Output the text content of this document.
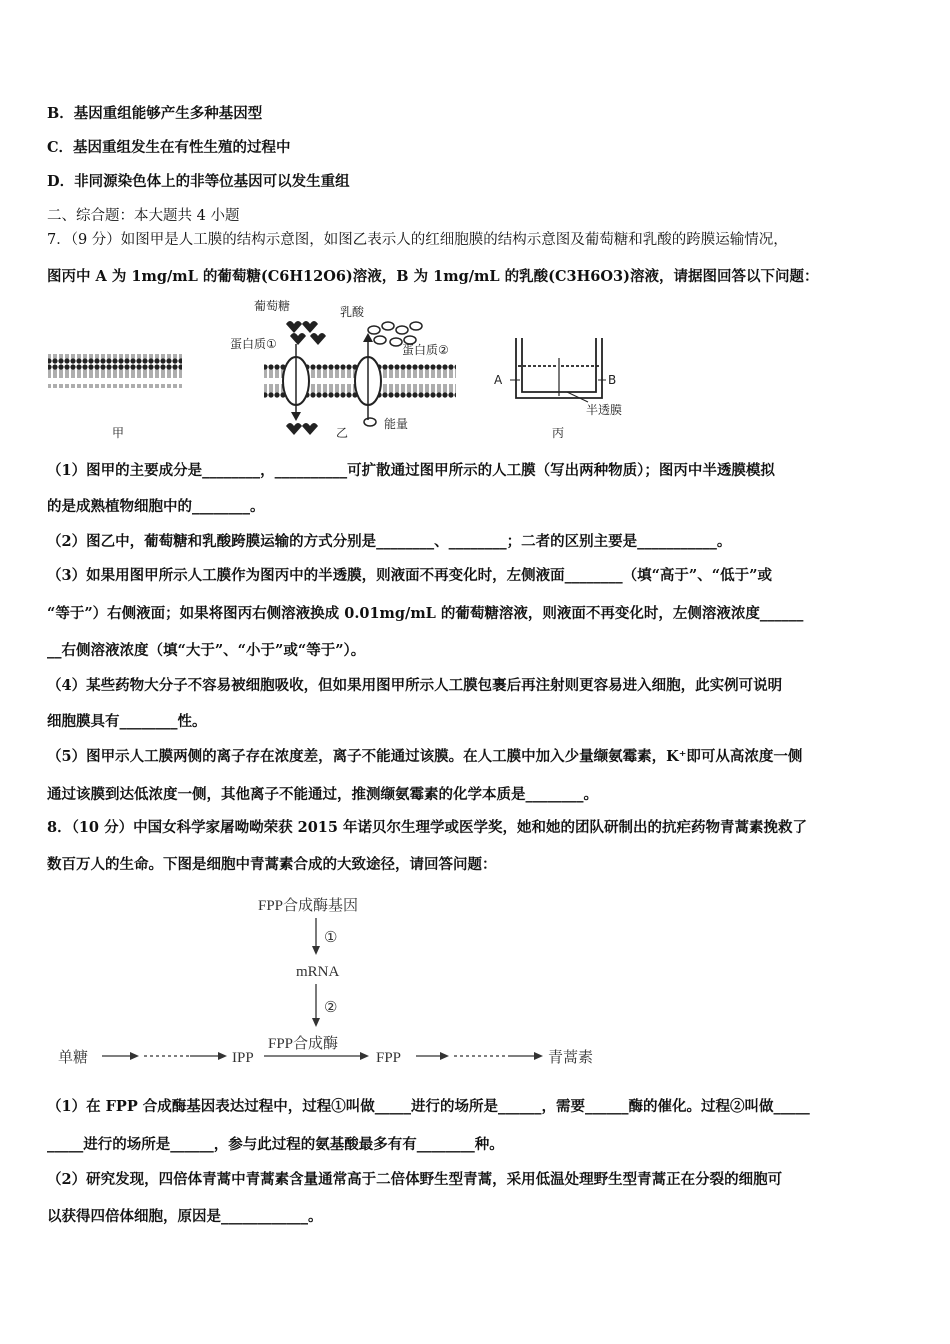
B．基因重组能够产生多种基因型
C．基因重组发生在有性生殖的过程中
D．非同源染色体上的非等位基因可以发生重组
二、综合题：本大题共 4 小题
7．（9 分）如图甲是人工膜的结构示意图，如图乙表示人的红细胞膜的结构示意图及葡萄糖和乳酸的跨膜运输情况，
图丙中 A 为 1mg/mL 的葡萄糖(C6H12O6)溶液，B 为 1mg/mL 的乳酸(C3H6O3)溶液，请据图回答以下问题：
甲
葡萄糖	乳酸
蛋白质①	蛋白质②
能量
乙
A	B
半透膜
丙
（1）图甲的主要成分是________，__________可扩散通过图甲所示的人工膜（写出两种物质）；图丙中半透膜模拟
的是成熟植物细胞中的________。
（2）图乙中，葡萄糖和乳酸跨膜运输的方式分别是________、________；二者的区别主要是___________。
（3）如果用图甲所示人工膜作为图丙中的半透膜，则液面不再变化时，左侧液面________（填“高于”、“低于”或
“等于”）右侧液面；如果将图丙右侧溶液换成 0.01mg/mL 的葡萄糖溶液，则液面不再变化时，左侧溶液浓度______
__右侧溶液浓度（填“大于”、“小于”或“等于”）。
（4）某些药物大分子不容易被细胞吸收，但如果用图甲所示人工膜包裹后再注射则更容易进入细胞，此实例可说明
细胞膜具有________性。
（5）图甲示人工膜两侧的离子存在浓度差，离子不能通过该膜。在人工膜中加入少量缬氨霉素，K⁺即可从高浓度一侧
通过该膜到达低浓度一侧，其他离子不能通过，推测缬氨霉素的化学本质是________。
8．（10 分）中国女科学家屠呦呦荣获 2015 年诺贝尔生理学或医学奖，她和她的团队研制出的抗疟药物青蒿素挽救了
数百万人的生命。下图是细胞中青蒿素合成的大致途径，请回答问题：
FPP合成酶基因
①
mRNA
②
FPP合成酶
单糖	IPP	FPP	青蒿素
（1）在 FPP 合成酶基因表达过程中，过程①叫做_____进行的场所是______，需要______酶的催化。过程②叫做_____
_____进行的场所是______，参与此过程的氨基酸最多有有________种。
（2）研究发现，四倍体青蒿中青蒿素含量通常高于二倍体野生型青蒿，采用低温处理野生型青蒿正在分裂的细胞可
以获得四倍体细胞，原因是____________。
